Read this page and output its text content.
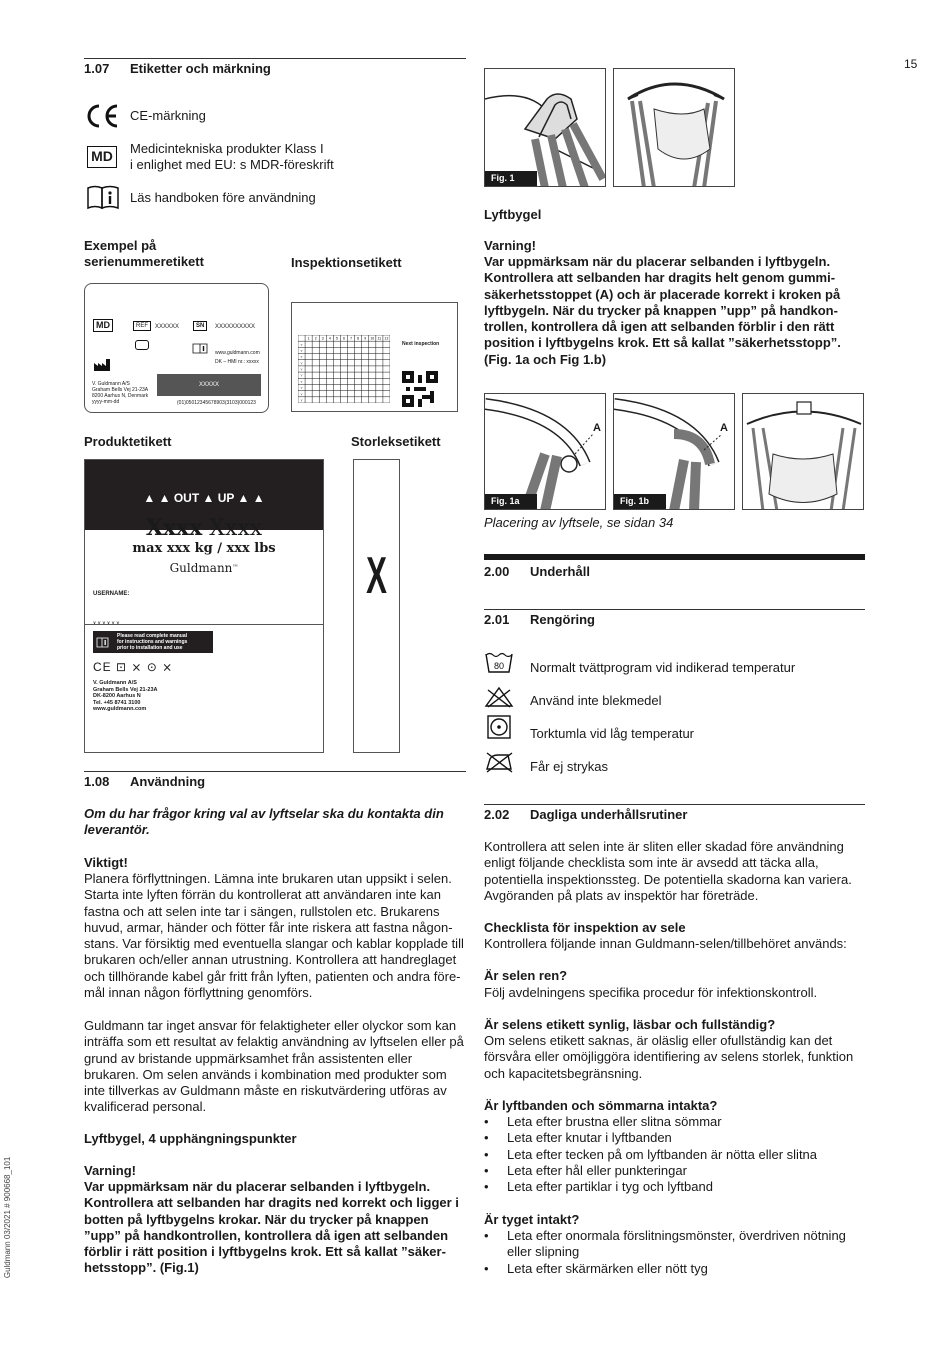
15
Guldmann 03/2021 # 900668_101
1.07 Etiketter och märkning
CE-märkning
MD	Medicintekniska produkter Klass I
i enlighet med EU: s MDR-föreskrift
Läs handboken före användning
Exempel på
serienummeretikett	Inspektionsetikett
MD	REF	XXXXXX	SN	XXXXXXXXXX
www.guldmann.com
DK – HMI nr.: xxxxx
V. Guldmann A/S
Graham Bells Vej 21-23A
8200 Aarhus N, Denmark
yyyy-mm-dd
XXXXX
(01)05012345678903(3103)000123
1 2 3 4 5 6 7 8 9 10 11 12
Y
Y
Y
Y
Y
Y
Y
Y
Y
Y
Next inspection
Produktetikett	Storleksetikett
▲ ▲ OUT ▲ UP ▲ ▲
Xxxx Xxxx
max xxx kg / xxx lbs
Guldmann™
USERNAME:
Please read complete manual
for instructions and warnings
prior to installation and use
CE ⊡ ⨯ ⊙ ⨯
V. Guldmann A/S
Graham Bells Vej 21-23A
DK-8200 Aarhus N
Tel. +45 8741 3100
www.guldmann.com
X
1.08 Användning
Om du har frågor kring val av lyftselar ska du kontakta din leverantör.
Viktigt!
Planera förflyttningen. Lämna inte brukaren utan uppsikt i selen. Starta inte lyften förrän du kontrollerat att användaren inte kan fastna och att selen inte tar i sängen, rullstolen etc. Brukarens huvud, armar, händer och fötter får inte riskera att fastna någon-stans. Var försiktig med eventuella slangar och kablar kopplade till brukaren och/eller annan utrustning. Kontrollera att handreglaget och tillhörande kabel går fritt från lyften, patienten och andra före-mål innan någon förflyttning genomförs.
Guldmann tar inget ansvar för felaktigheter eller olyckor som kan inträffa som ett resultat av felaktig användning av lyftselen eller på grund av bristande uppmärksamhet från assistenten eller brukaren. Om selen används i kombination med produkter som inte tillverkas av Guldmann måste en riskutvärdering utföras av kvalificerad personal.
Lyftbygel, 4 upphängningspunkter
Varning!
Var uppmärksam när du placerar selbanden i lyftbygeln. Kontrollera att selbanden har dragits ned korrekt och ligger i botten på lyftbygelns krokar. När du trycker på knappen ”upp” på handkontrollen, kontrollera då igen att selbanden förblir i rätt position i lyftbygelns krok. Ett så kallat ”säker-hetsstopp”. (Fig.1)
Fig. 1
Lyftbygel
Varning!
Var uppmärksam när du placerar selbanden i lyftbygeln. Kontrollera att selbanden har dragits helt genom gummi-säkerhetsstoppet (A) och är placerade korrekt i kroken på lyftbygeln. När du trycker på knappen ”upp” på handkon-trollen, kontrollera då igen att selbanden förblir i den rätt position i lyftbygelns krok. Ett så kallat ”säkerhetsstopp”. (Fig. 1a och Fig 1.b)
A
Fig. 1a
A
Fig. 1b
Placering av lyftsele, se sidan 34
2.00 Underhåll
2.01 Rengöring
80 Normalt tvättprogram vid indikerad temperatur
Använd inte blekmedel
Torktumla vid låg temperatur
Får ej strykas
2.02 Dagliga underhållsrutiner
Kontrollera att selen inte är sliten eller skadad före användning enligt följande checklista som inte är avsedd att täcka alla, potentiella inspektionssteg. De potentiella skadorna kan variera. Avgöranden på plats av inspektör har företräde.
Checklista för inspektion av sele
Kontrollera följande innan Guldmann-selen/tillbehöret används:
Är selen ren?
Följ avdelningens specifika procedur för infektionskontroll.
Är selens etikett synlig, läsbar och fullständig?
Om selens etikett saknas, är oläslig eller ofullständig kan det försvåra eller omöjliggöra identifiering av selens storlek, funktion och kapacitetsbegränsning.
Är lyftbanden och sömmarna intakta?
• Leta efter brustna eller slitna sömmar
• Leta efter knutar i lyftbanden
• Leta efter tecken på om lyftbanden är nötta eller slitna
• Leta efter hål eller punkteringar
• Leta efter partiklar i tyg och lyftband
Är tyget intakt?
• Leta efter onormala förslitningsmönster, överdriven nötning eller slipning
• Leta efter skärmärken eller nött tyg
